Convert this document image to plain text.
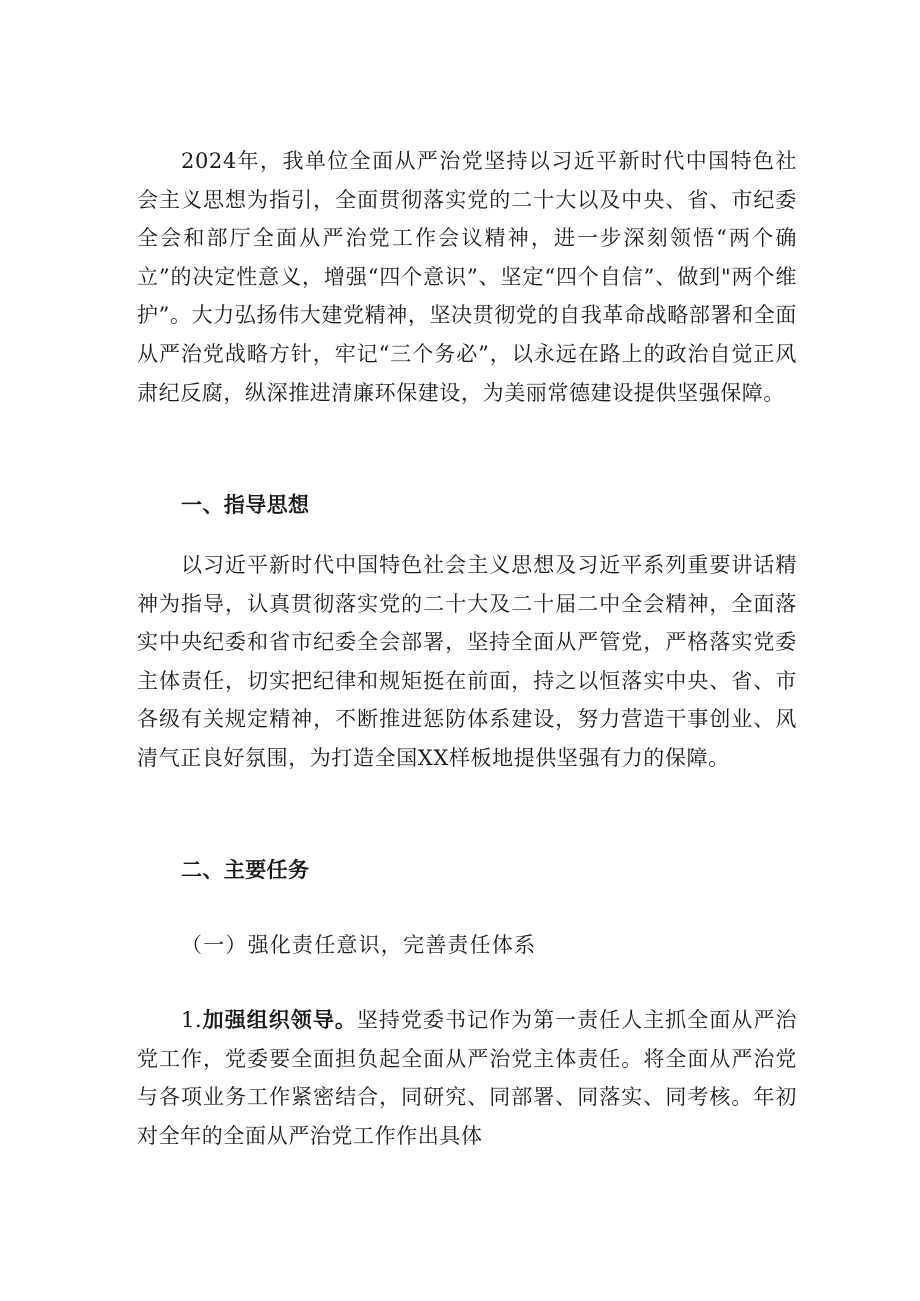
2024年，我单位全面从严治党坚持以习近平新时代中国特色社会主义思想为指引，全面贯彻落实党的二十大以及中央、省、市纪委全会和部厅全面从严治党工作会议精神，进一步深刻领悟“两个确立”的决定性意义，增强“四个意识”、坚定“四个自信”、做到"两个维护”。大力弘扬伟大建党精神，坚决贯彻党的自我革命战略部署和全面从严治党战略方针，牢记“三个务必”，以永远在路上的政治自觉正风肃纪反腐，纵深推进清廉环保建设，为美丽常德建设提供坚强保障。

一、指导思想

以习近平新时代中国特色社会主义思想及习近平系列重要讲话精神为指导，认真贯彻落实党的二十大及二十届二中全会精神，全面落实中央纪委和省市纪委全会部署，坚持全面从严管党，严格落实党委主体责任，切实把纪律和规矩挺在前面，持之以恒落实中央、省、市各级有关规定精神，不断推进惩防体系建设，努力营造干事创业、风清气正良好氛围，为打造全国XX样板地提供坚强有力的保障。

二、主要任务

（一）强化责任意识，完善责任体系

1.加强组织领导。坚持党委书记作为第一责任人主抓全面从严治党工作，党委要全面担负起全面从严治党主体责任。将全面从严治党与各项业务工作紧密结合，同研究、同部署、同落实、同考核。年初对全年的全面从严治党工作作出具体
